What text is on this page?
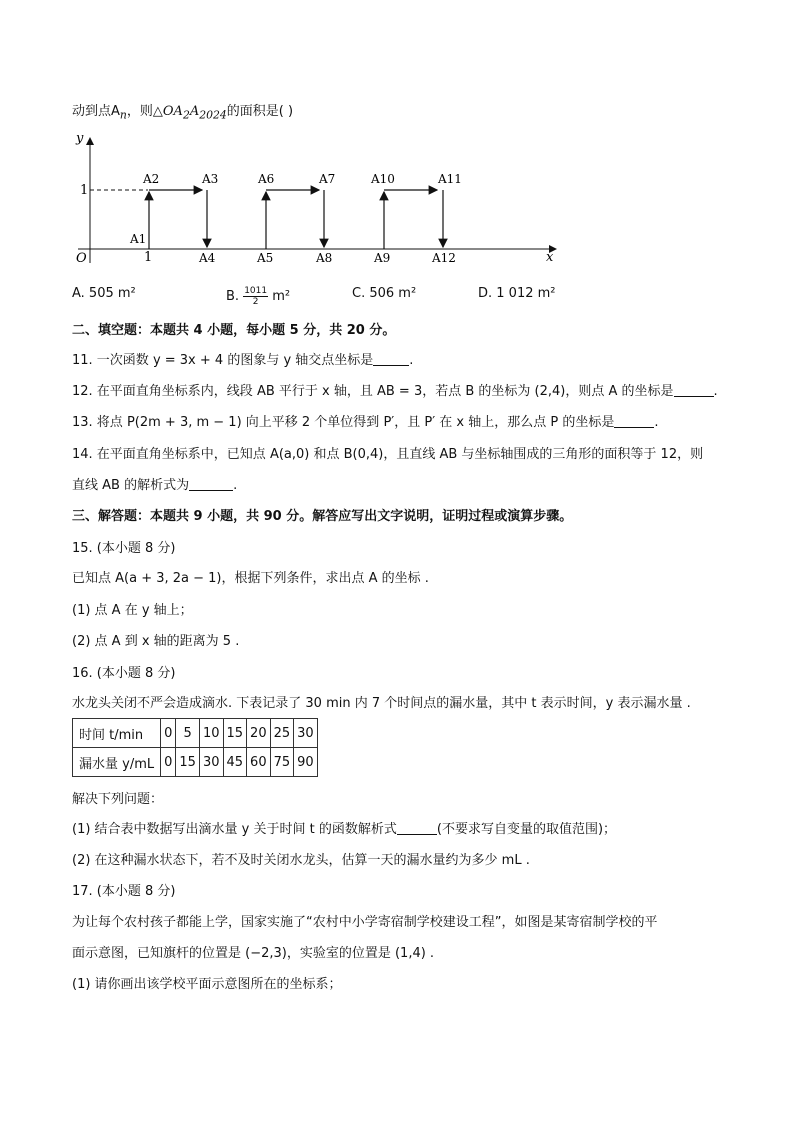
动到点$A_n$，则$\triangle OA_2A_{2024}$的面积是( )
y
x
O
1
1
A1
A2	A3
A4	A5
A6	A7
A8	A9
A10	A11
A12
A. 505 m²	B. $\frac{1011}{2} m^2$	C. 506 m²	D. 1 012 m²
二、填空题：本题共 4 小题，每小题 5 分，共 20 分。
11. 一次函数 y = 3x + 4 的图象与 y 轴交点坐标是	.
12. 在平面直角坐标系内，线段 AB 平行于 x 轴，且 AB = 3，若点 B 的坐标为 (2,4)，则点 A 的坐标是	.
13. 将点 P(2m + 3, m − 1) 向上平移 2 个单位得到 P′，且 P′ 在 x 轴上，那么点 P 的坐标是	.
14. 在平面直角坐标系中，已知点 A(a,0) 和点 B(0,4)，且直线 AB 与坐标轴围成的三角形的面积等于 12，则
直线 AB 的解析式为	.
三、解答题：本题共 9 小题，共 90 分。解答应写出文字说明，证明过程或演算步骤。
15. (本小题 8 分)
已知点 A(a + 3, 2a − 1)，根据下列条件，求出点 A 的坐标 .
(1) 点 A 在 y 轴上；
(2) 点 A 到 x 轴的距离为 5 .
16. (本小题 8 分)
水龙头关闭不严会造成滴水. 下表记录了 30 min 内 7 个时间点的漏水量，其中 t 表示时间，y 表示漏水量 .
时间 t/min	0	5	10	15	20	25	30
漏水量 y/mL	0	15	30	45	60	75	90
解决下列问题：
(1) 结合表中数据写出滴水量 y 关于时间 t 的函数解析式	(不要求写自变量的取值范围)；
(2) 在这种漏水状态下，若不及时关闭水龙头，估算一天的漏水量约为多少 mL .
17. (本小题 8 分)
为让每个农村孩子都能上学，国家实施了“农村中小学寄宿制学校建设工程”，如图是某寄宿制学校的平
面示意图，已知旗杆的位置是 (−2,3)，实验室的位置是 (1,4) .
(1) 请你画出该学校平面示意图所在的坐标系；
